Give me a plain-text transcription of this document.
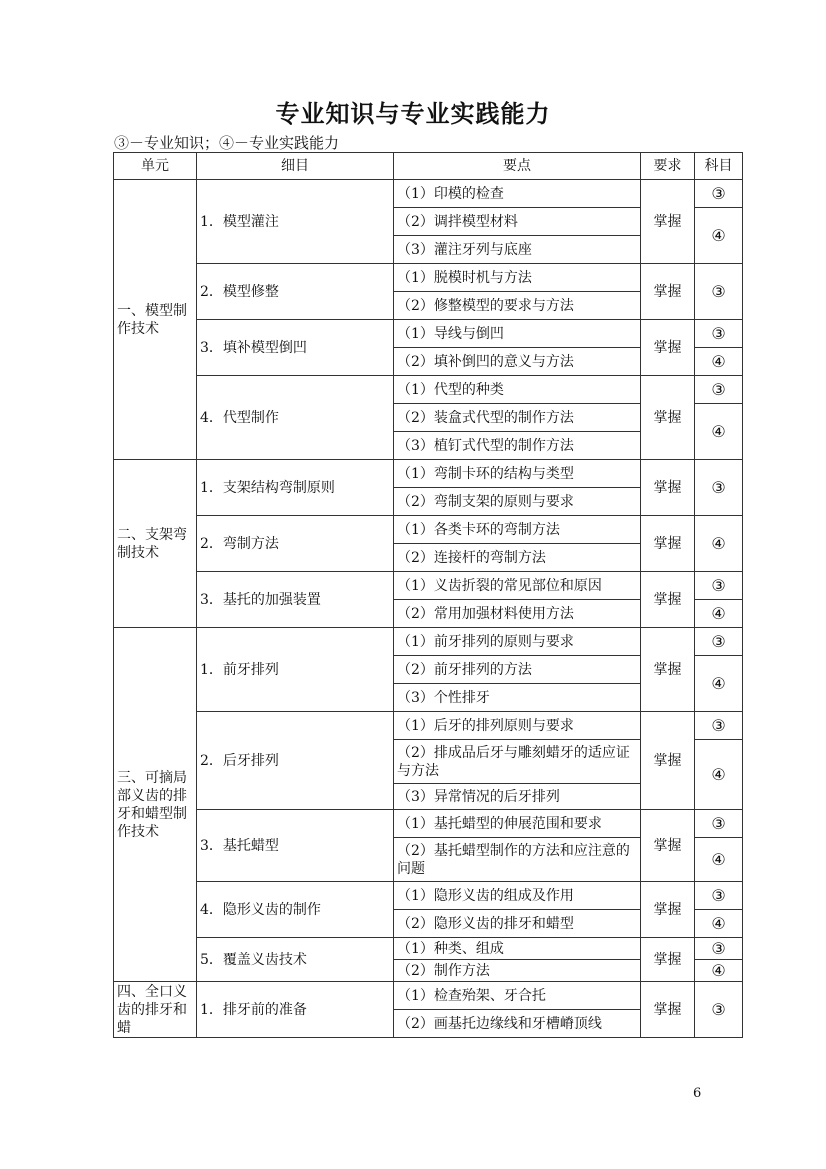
专业知识与专业实践能力
③－专业知识；④－专业实践能力
单元	细目	要点	要求	科目
一、模型制作技术	1．模型灌注	（1）印模的检查	掌握	③
		（2）调拌模型材料		④
		（3）灌注牙列与底座		
	2．模型修整	（1）脱模时机与方法	掌握	③
		（2）修整模型的要求与方法		
	3．填补模型倒凹	（1）导线与倒凹	掌握	③
		（2）填补倒凹的意义与方法		④
	4．代型制作	（1）代型的种类	掌握	③
		（2）装盒式代型的制作方法		④
		（3）植钉式代型的制作方法		
二、支架弯制技术	1．支架结构弯制原则	（1）弯制卡环的结构与类型	掌握	③
		（2）弯制支架的原则与要求		
	2．弯制方法	（1）各类卡环的弯制方法	掌握	④
		（2）连接杆的弯制方法		
	3．基托的加强装置	（1）义齿折裂的常见部位和原因	掌握	③
		（2）常用加强材料使用方法		④
三、可摘局部义齿的排牙和蜡型制作技术	1．前牙排列	（1）前牙排列的原则与要求	掌握	③
		（2）前牙排列的方法		④
		（3）个性排牙		
	2．后牙排列	（1）后牙的排列原则与要求	掌握	③
		（2）排成品后牙与雕刻蜡牙的适应证与方法		④
		（3）异常情况的后牙排列		
	3．基托蜡型	（1）基托蜡型的伸展范围和要求	掌握	③
		（2）基托蜡型制作的方法和应注意的问题		④
	4．隐形义齿的制作	（1）隐形义齿的组成及作用	掌握	③
		（2）隐形义齿的排牙和蜡型		④
	5．覆盖义齿技术	（1）种类、组成	掌握	③
		（2）制作方法		④
四、全口义齿的排牙和蜡	1．排牙前的准备	（1）检查殆架、牙合托	掌握	③
		（2）画基托边缘线和牙槽嵴顶线		
6
